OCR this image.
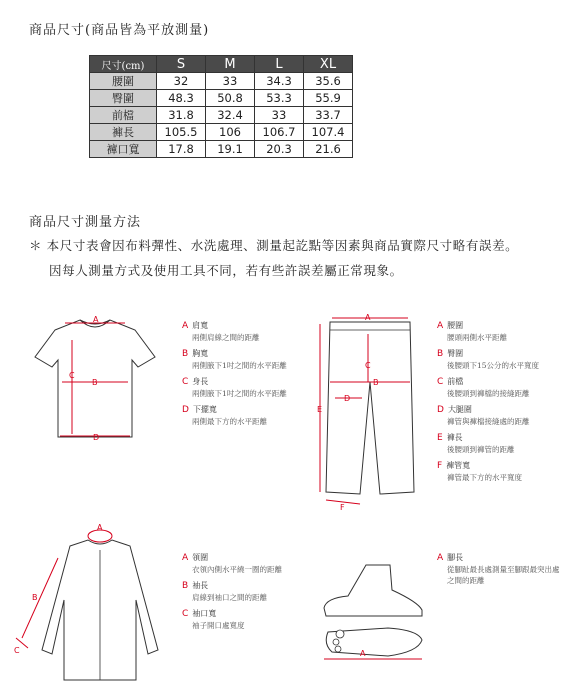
商品尺寸(商品皆為平放測量)
尺寸(cm)	S	M	L	XL
腰圍	32	33	34.3	35.6
臀圍	48.3	50.8	53.3	55.9
前檔	31.8	32.4	33	33.7
褲長	105.5	106	106.7	107.4
褲口寬	17.8	19.1	20.3	21.6
商品尺寸測量方法
＊ 本尺寸表會因布料彈性、水洗處理、測量起訖點等因素與商品實際尺寸略有誤差。
因每人測量方式及使用工具不同，若有些許誤差屬正常現象。
A
B
C
D
A 肩寬
兩側肩線之間的距離
B 胸寬
兩側腋下1吋之間的水平距離
C 身長
兩側腋下1吋之間的水平距離
D 下擺寬
兩側最下方的水平距離
A
B
C
D
E
F
A 腰圍
腰頭兩側水平距離
B 臀圍
後腰頭下15公分的水平寬度
C 前檔
後腰頭到褲檔的接縫距離
D 大腿圍
褲管與褲檔接縫處的距離
E 褲長
後腰頭到褲管的距離
F 褲管寬
褲管最下方的水平寬度
A
B
C
A 領圍
衣領內側水平繞一圈的距離
B 袖長
肩線到袖口之間的距離
C 袖口寬
袖子開口處寬度
A
A 腳長
從腳趾最長處測量至腳跟最突出處之間的距離
